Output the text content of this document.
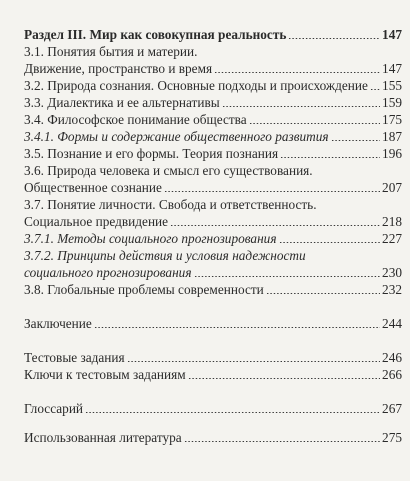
Раздел III. Мир как совокупная реальность	147
3.1. Понятия бытия и материи.
Движение, пространство и время	147
3.2. Природа сознания. Основные подходы и происхождение 155
3.3. Диалектика и ее альтернативы	159
3.4. Философское понимание общества	175
3.4.1. Формы и содержание общественного развития	187
3.5. Познание и его формы. Теория познания	196
3.6. Природа человека и смысл его существования.
Общественное сознание	207
3.7. Понятие личности. Свобода и ответственность.
Социальное предвидение	218
3.7.1. Методы социального прогнозирования	227
3.7.2. Принципы действия и условия надежности
социального прогнозирования	230
3.8. Глобальные проблемы современности	232
Заключение	244
Тестовые задания	246
Ключи к тестовым заданиям	266
Глоссарий	267
Использованная литература	275
